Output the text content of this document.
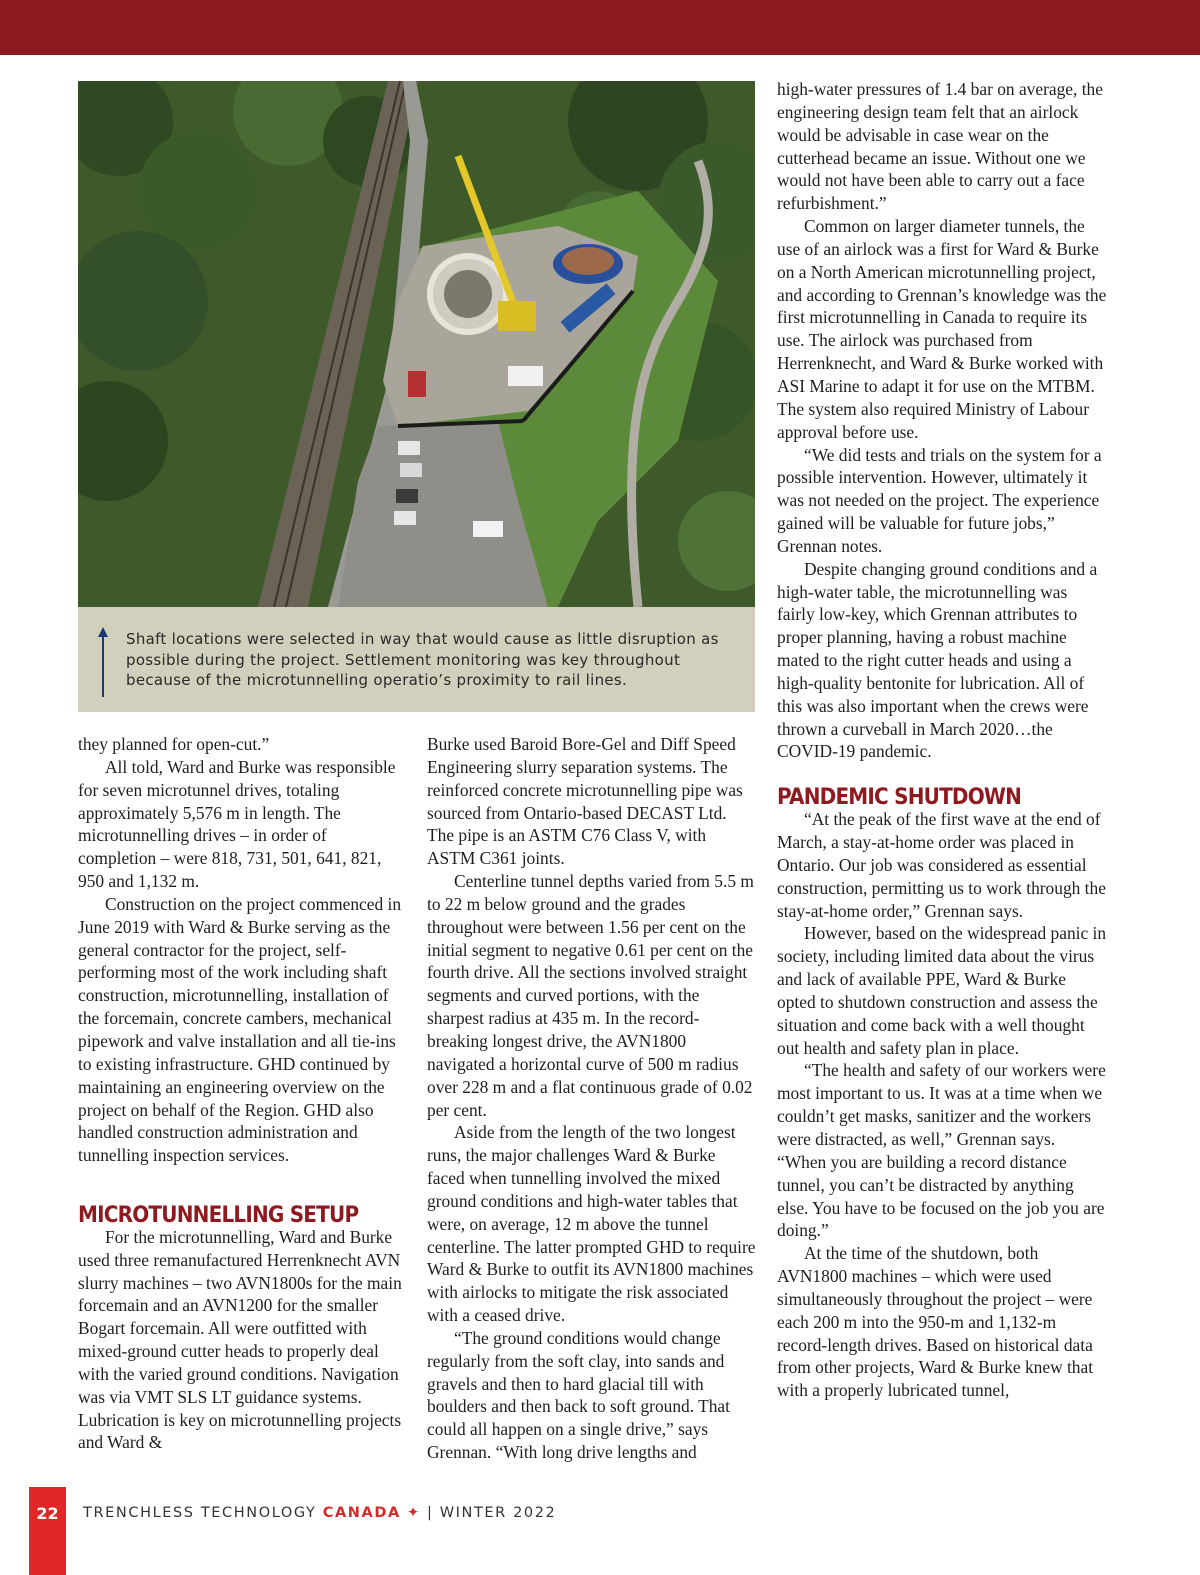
Shaft locations were selected in way that would cause as little disruption as possible during the project. Settlement monitoring was key throughout because of the microtunnelling operatio’s proximity to rail lines.

they planned for open-cut.”

All told, Ward and Burke was responsible for seven microtunnel drives, totaling approximately 5,576 m in length. The microtunnelling drives – in order of completion – were 818, 731, 501, 641, 821, 950 and 1,132 m.

Construction on the project commenced in June 2019 with Ward & Burke serving as the general contractor for the project, self-performing most of the work including shaft construction, microtunnelling, installation of the forcemain, concrete cambers, mechanical pipework and valve installation and all tie-ins to existing infrastructure. GHD continued by maintaining an engineering overview on the project on behalf of the Region. GHD also handled construction administration and tunnelling inspection services.

MICROTUNNELLING SETUP

For the microtunnelling, Ward and Burke used three remanufactured Herrenknecht AVN slurry machines – two AVN1800s for the main forcemain and an AVN1200 for the smaller Bogart forcemain. All were outfitted with mixed-ground cutter heads to properly deal with the varied ground conditions. Navigation was via VMT SLS LT guidance systems. Lubrication is key on microtunnelling projects and Ward &

Burke used Baroid Bore-Gel and Diff Speed Engineering slurry separation systems. The reinforced concrete microtunnelling pipe was sourced from Ontario-based DECAST Ltd. The pipe is an ASTM C76 Class V, with ASTM C361 joints.

Centerline tunnel depths varied from 5.5 m to 22 m below ground and the grades throughout were between 1.56 per cent on the initial segment to negative 0.61 per cent on the fourth drive. All the sections involved straight segments and curved portions, with the sharpest radius at 435 m. In the record-breaking longest drive, the AVN1800 navigated a horizontal curve of 500 m radius over 228 m and a flat continuous grade of 0.02 per cent.

Aside from the length of the two longest runs, the major challenges Ward & Burke faced when tunnelling involved the mixed ground conditions and high-water tables that were, on average, 12 m above the tunnel centerline. The latter prompted GHD to require Ward & Burke to outfit its AVN1800 machines with airlocks to mitigate the risk associated with a ceased drive.

“The ground conditions would change regularly from the soft clay, into sands and gravels and then to hard glacial till with boulders and then back to soft ground. That could all happen on a single drive,” says Grennan. “With long drive lengths and

high-water pressures of 1.4 bar on average, the engineering design team felt that an airlock would be advisable in case wear on the cutterhead became an issue. Without one we would not have been able to carry out a face refurbishment.”

Common on larger diameter tunnels, the use of an airlock was a first for Ward & Burke on a North American microtunnelling project, and according to Grennan’s knowledge was the first microtunnelling in Canada to require its use. The airlock was purchased from Herrenknecht, and Ward & Burke worked with ASI Marine to adapt it for use on the MTBM. The system also required Ministry of Labour approval before use.

“We did tests and trials on the system for a possible intervention. However, ultimately it was not needed on the project. The experience gained will be valuable for future jobs,” Grennan notes.

Despite changing ground conditions and a high-water table, the microtunnelling was fairly low-key, which Grennan attributes to proper planning, having a robust machine mated to the right cutter heads and using a high-quality bentonite for lubrication. All of this was also important when the crews were thrown a curveball in March 2020…the COVID-19 pandemic.

PANDEMIC SHUTDOWN

“At the peak of the first wave at the end of March, a stay-at-home order was placed in Ontario. Our job was considered as essential construction, permitting us to work through the stay-at-home order,” Grennan says.

However, based on the widespread panic in society, including limited data about the virus and lack of available PPE, Ward & Burke opted to shutdown construction and assess the situation and come back with a well thought out health and safety plan in place.

“The health and safety of our workers were most important to us. It was at a time when we couldn’t get masks, sanitizer and the workers were distracted, as well,” Grennan says. “When you are building a record distance tunnel, you can’t be distracted by anything else. You have to be focused on the job you are doing.”

At the time of the shutdown, both AVN1800 machines – which were used simultaneously throughout the project – were each 200 m into the 950-m and 1,132-m record-length drives. Based on historical data from other projects, Ward & Burke knew that with a properly lubricated tunnel,

22	TRENCHLESS TECHNOLOGY CANADA ✦ | WINTER 2022
